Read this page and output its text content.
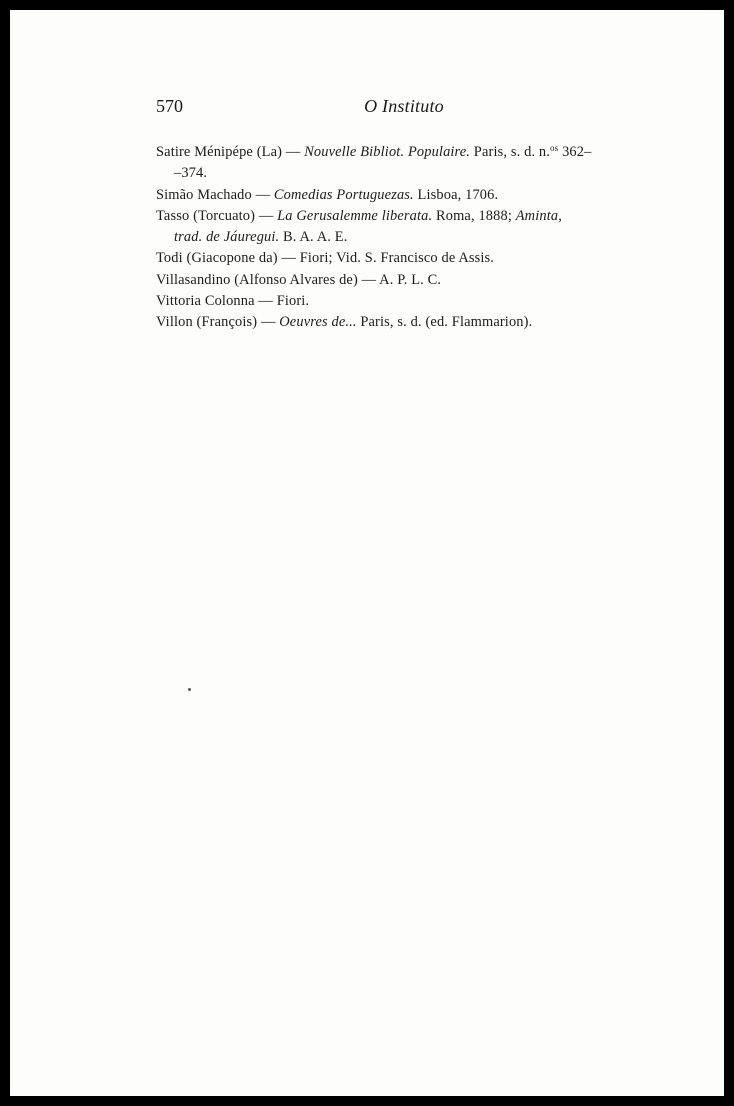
570	O Instituto
Satire Ménipépe (La) — Nouvelle Bibliot. Populaire. Paris, s. d. n.$^{os}$ 362–
–374.
Simão Machado — Comedias Portuguezas. Lisboa, 1706.
Tasso (Torcuato) — La Gerusalemme liberata. Roma, 1888; Aminta,
trad. de Jáuregui. B. A. A. E.
Todi (Giacopone da) — Fiori; Vid. S. Francisco de Assis.
Villasandino (Alfonso Alvares de) — A. P. L. C.
Vittoria Colonna — Fiori.
Villon (François) — Oeuvres de... Paris, s. d. (ed. Flammarion).
